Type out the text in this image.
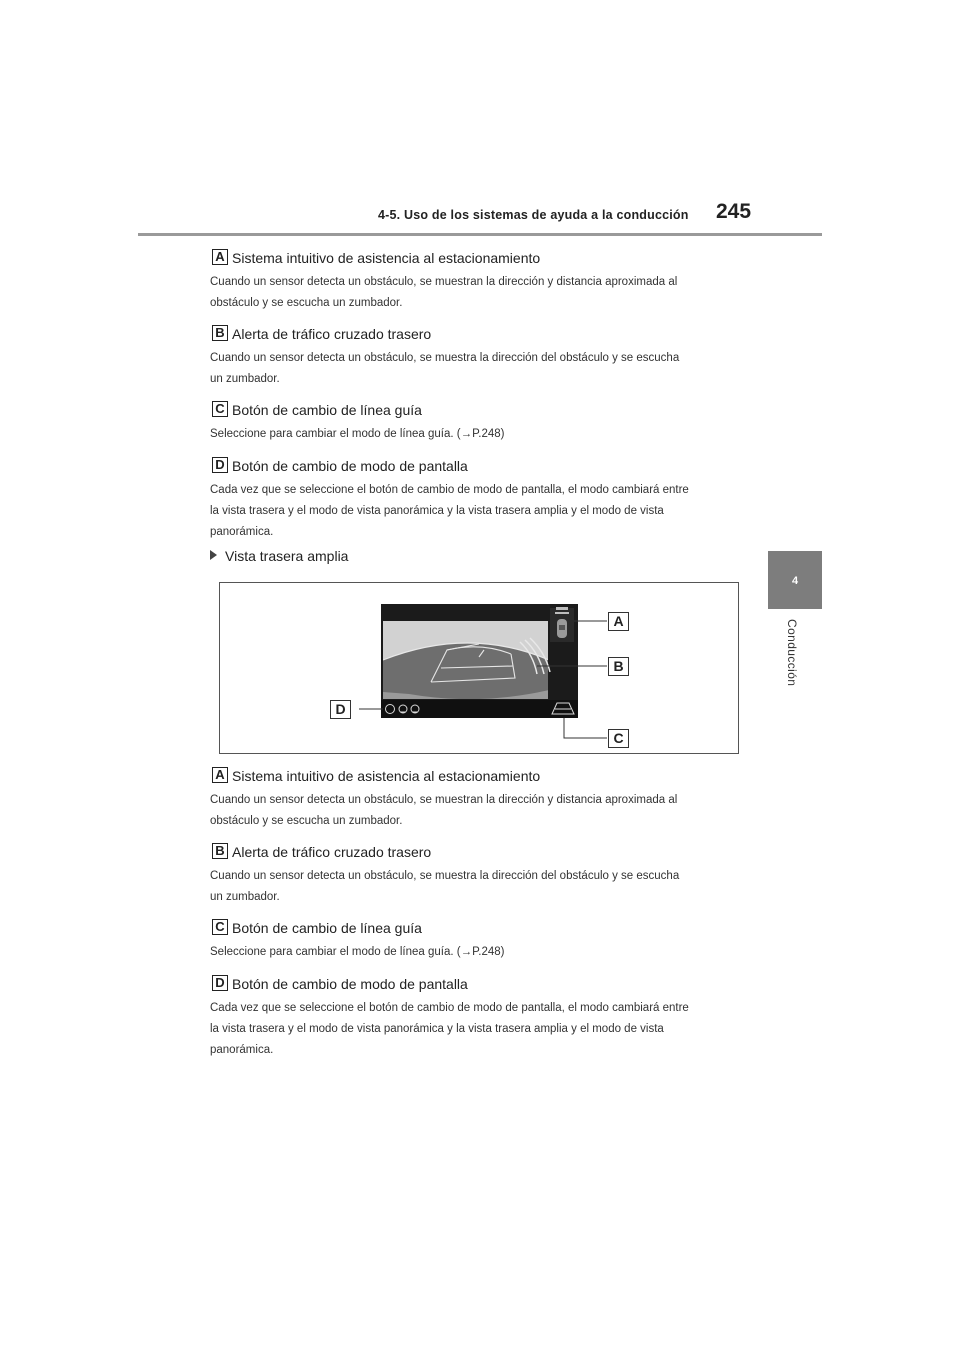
4-5. Uso de los sistemas de ayuda a la conducción 245
4
Conducción
A Sistema intuitivo de asistencia al estacionamiento
Cuando un sensor detecta un obstáculo, se muestran la dirección y distancia aproximada al
obstáculo y se escucha un zumbador.
B Alerta de tráfico cruzado trasero
Cuando un sensor detecta un obstáculo, se muestra la dirección del obstáculo y se escucha
un zumbador.
C Botón de cambio de línea guía
Seleccione para cambiar el modo de línea guía. (→P.248)
D Botón de cambio de modo de pantalla
Cada vez que se seleccione el botón de cambio de modo de pantalla, el modo cambiará entre
la vista trasera y el modo de vista panorámica y la vista trasera amplia y el modo de vista
panorámica.
Vista trasera amplia
A
B
C
D
A Sistema intuitivo de asistencia al estacionamiento
Cuando un sensor detecta un obstáculo, se muestran la dirección y distancia aproximada al
obstáculo y se escucha un zumbador.
B Alerta de tráfico cruzado trasero
Cuando un sensor detecta un obstáculo, se muestra la dirección del obstáculo y se escucha
un zumbador.
C Botón de cambio de línea guía
Seleccione para cambiar el modo de línea guía. (→P.248)
D Botón de cambio de modo de pantalla
Cada vez que se seleccione el botón de cambio de modo de pantalla, el modo cambiará entre
la vista trasera y el modo de vista panorámica y la vista trasera amplia y el modo de vista
panorámica.
